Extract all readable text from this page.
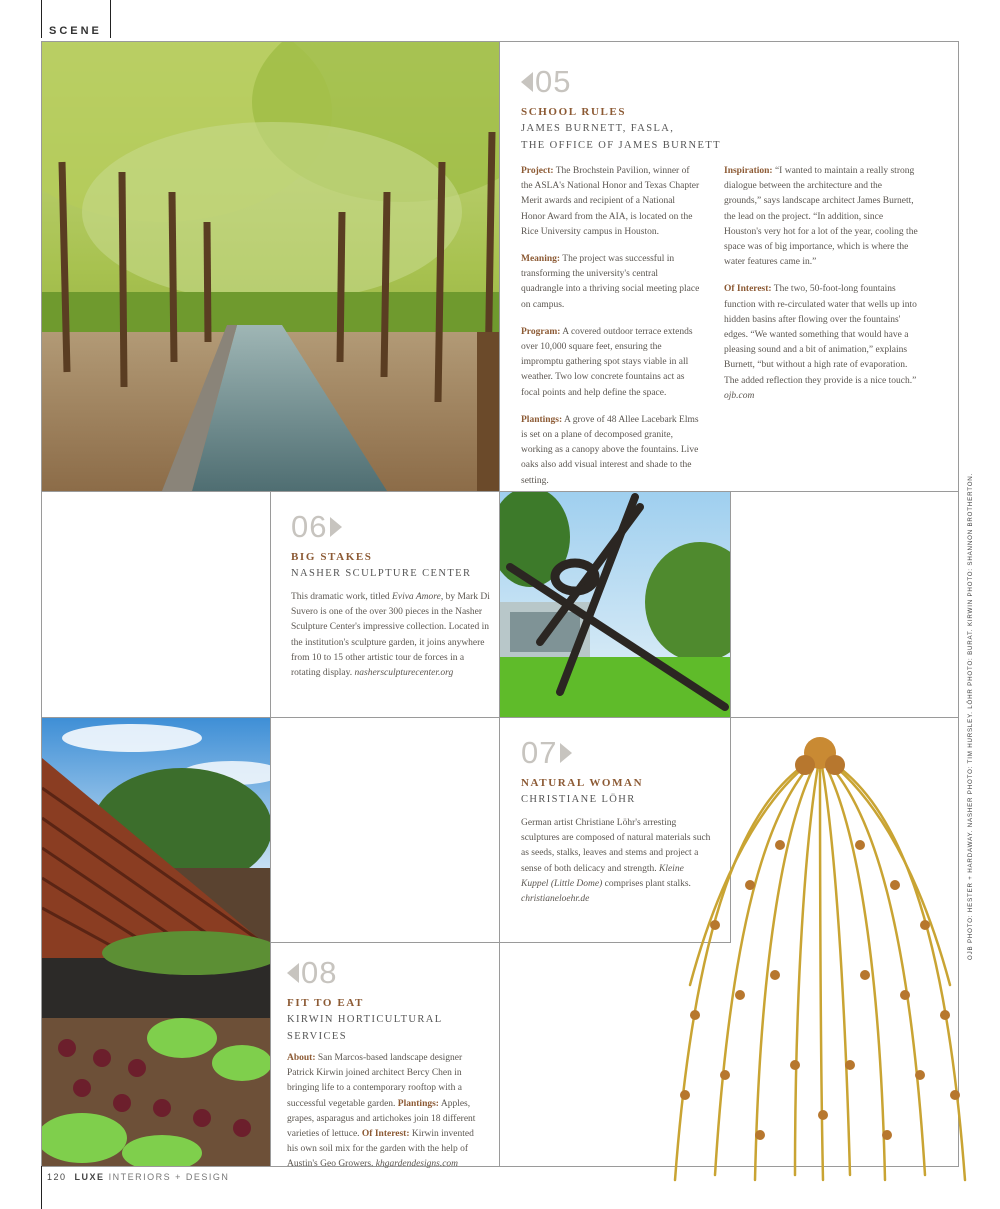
SCENE
05
SCHOOL RULES
JAMES BURNETT, FASLA,
THE OFFICE OF JAMES BURNETT

Project: The Brochstein Pavilion, winner of the ASLA's National Honor and Texas Chapter Merit awards and recipient of a National Honor Award from the AIA, is located on the Rice University campus in Houston.

Meaning: The project was successful in transforming the university's central quadrangle into a thriving social meeting place on campus.

Program: A covered outdoor terrace extends over 10,000 square feet, ensuring the impromptu gathering spot stays viable in all weather. Two low concrete fountains act as focal points and help define the space.

Plantings: A grove of 48 Allee Lacebark Elms is set on a plane of decomposed granite, working as a canopy above the fountains. Live oaks also add visual interest and shade to the setting.

Inspiration: “I wanted to maintain a really strong dialogue between the architecture and the grounds,” says landscape architect James Burnett, the lead on the project. “In addition, since Houston's very hot for a lot of the year, cooling the space was of big importance, which is where the water features came in.”

Of Interest: The two, 50-foot-long fountains function with re-circulated water that wells up into hidden basins after flowing over the fountains' edges. “We wanted something that would have a pleasing sound and a bit of animation,” explains Burnett, “but without a high rate of evaporation. The added reflection they provide is a nice touch.” ojb.com

06
BIG STAKES
NASHER SCULPTURE CENTER
This dramatic work, titled Eviva Amore, by Mark Di Suvero is one of the over 300 pieces in the Nasher Sculpture Center's impressive collection. Located in the institution's sculpture garden, it joins anywhere from 10 to 15 other artistic tour de forces in a rotating display. nashersculpturecenter.org
07
NATURAL WOMAN
CHRISTIANE LÖHR
German artist Christiane Löhr's arresting sculptures are composed of natural materials such as seeds, stalks, leaves and stems and project a sense of both delicacy and strength. Kleine Kuppel (Little Dome) comprises plant stalks. christianeloehr.de
08
FIT TO EAT
KIRWIN HORTICULTURAL SERVICES
About: San Marcos-based landscape designer Patrick Kirwin joined architect Bercy Chen in bringing life to a contemporary rooftop with a successful vegetable garden. Plantings: Apples, grapes, asparagus and artichokes join 18 different varieties of lettuce. Of Interest: Kirwin invented his own soil mix for the garden with the help of Austin's Geo Growers. khgardendesigns.com
OJB PHOTO: HESTER + HARDAWAY. NASHER PHOTO: TIM HURSLEY. LÖHR PHOTO: BURAT. KIRWIN PHOTO: SHANNON BROTHERTON.
120 LUXE INTERIORS + DESIGN
